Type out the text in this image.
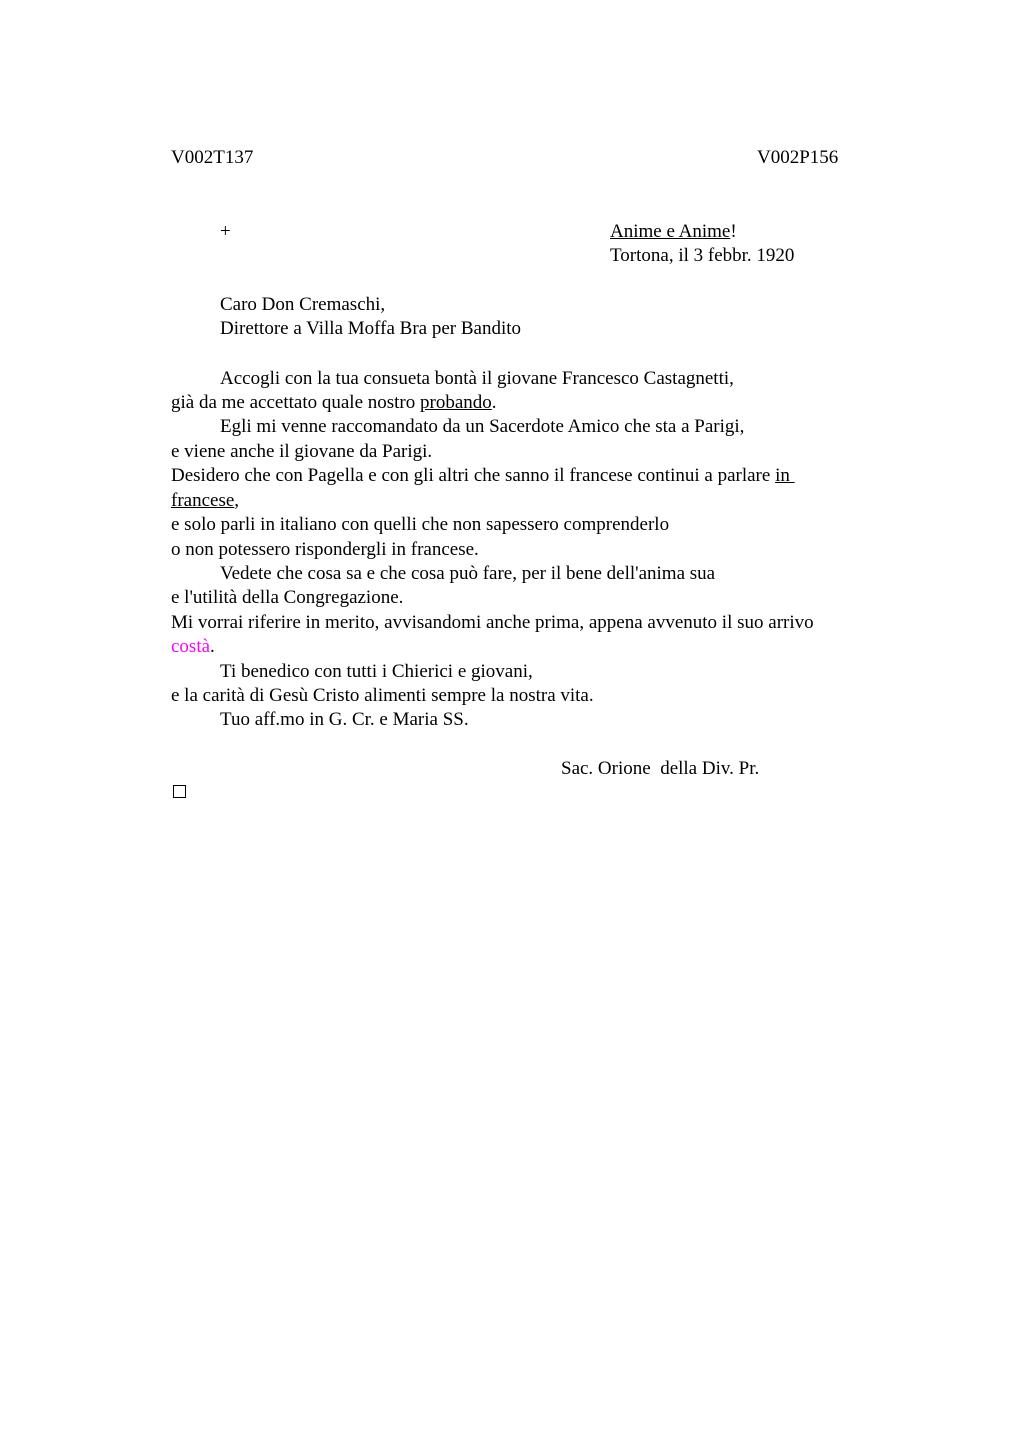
V002T137	V002P156
+	Anime e Anime!
Tortona, il 3 febbr. 1920
Caro Don Cremaschi,
Direttore a Villa Moffa Bra per Bandito
Accogli con la tua consueta bontà il giovane Francesco Castagnetti,
già da me accettato quale nostro probando.
Egli mi venne raccomandato da un Sacerdote Amico che sta a Parigi,
e viene anche il giovane da Parigi.
Desidero che con Pagella e con gli altri che sanno il francese continui a parlare in
francese,
e solo parli in italiano con quelli che non sapessero comprenderlo
o non potessero rispondergli in francese.
Vedete che cosa sa e che cosa può fare, per il bene dell'anima sua
e l'utilità della Congregazione.
Mi vorrai riferire in merito, avvisandomi anche prima, appena avvenuto il suo arrivo
costà.
Ti benedico con tutti i Chierici e giovani,
e la carità di Gesù Cristo alimenti sempre la nostra vita.
Tuo aff.mo in G. Cr. e Maria SS.
Sac. Orione  della Div. Pr.
